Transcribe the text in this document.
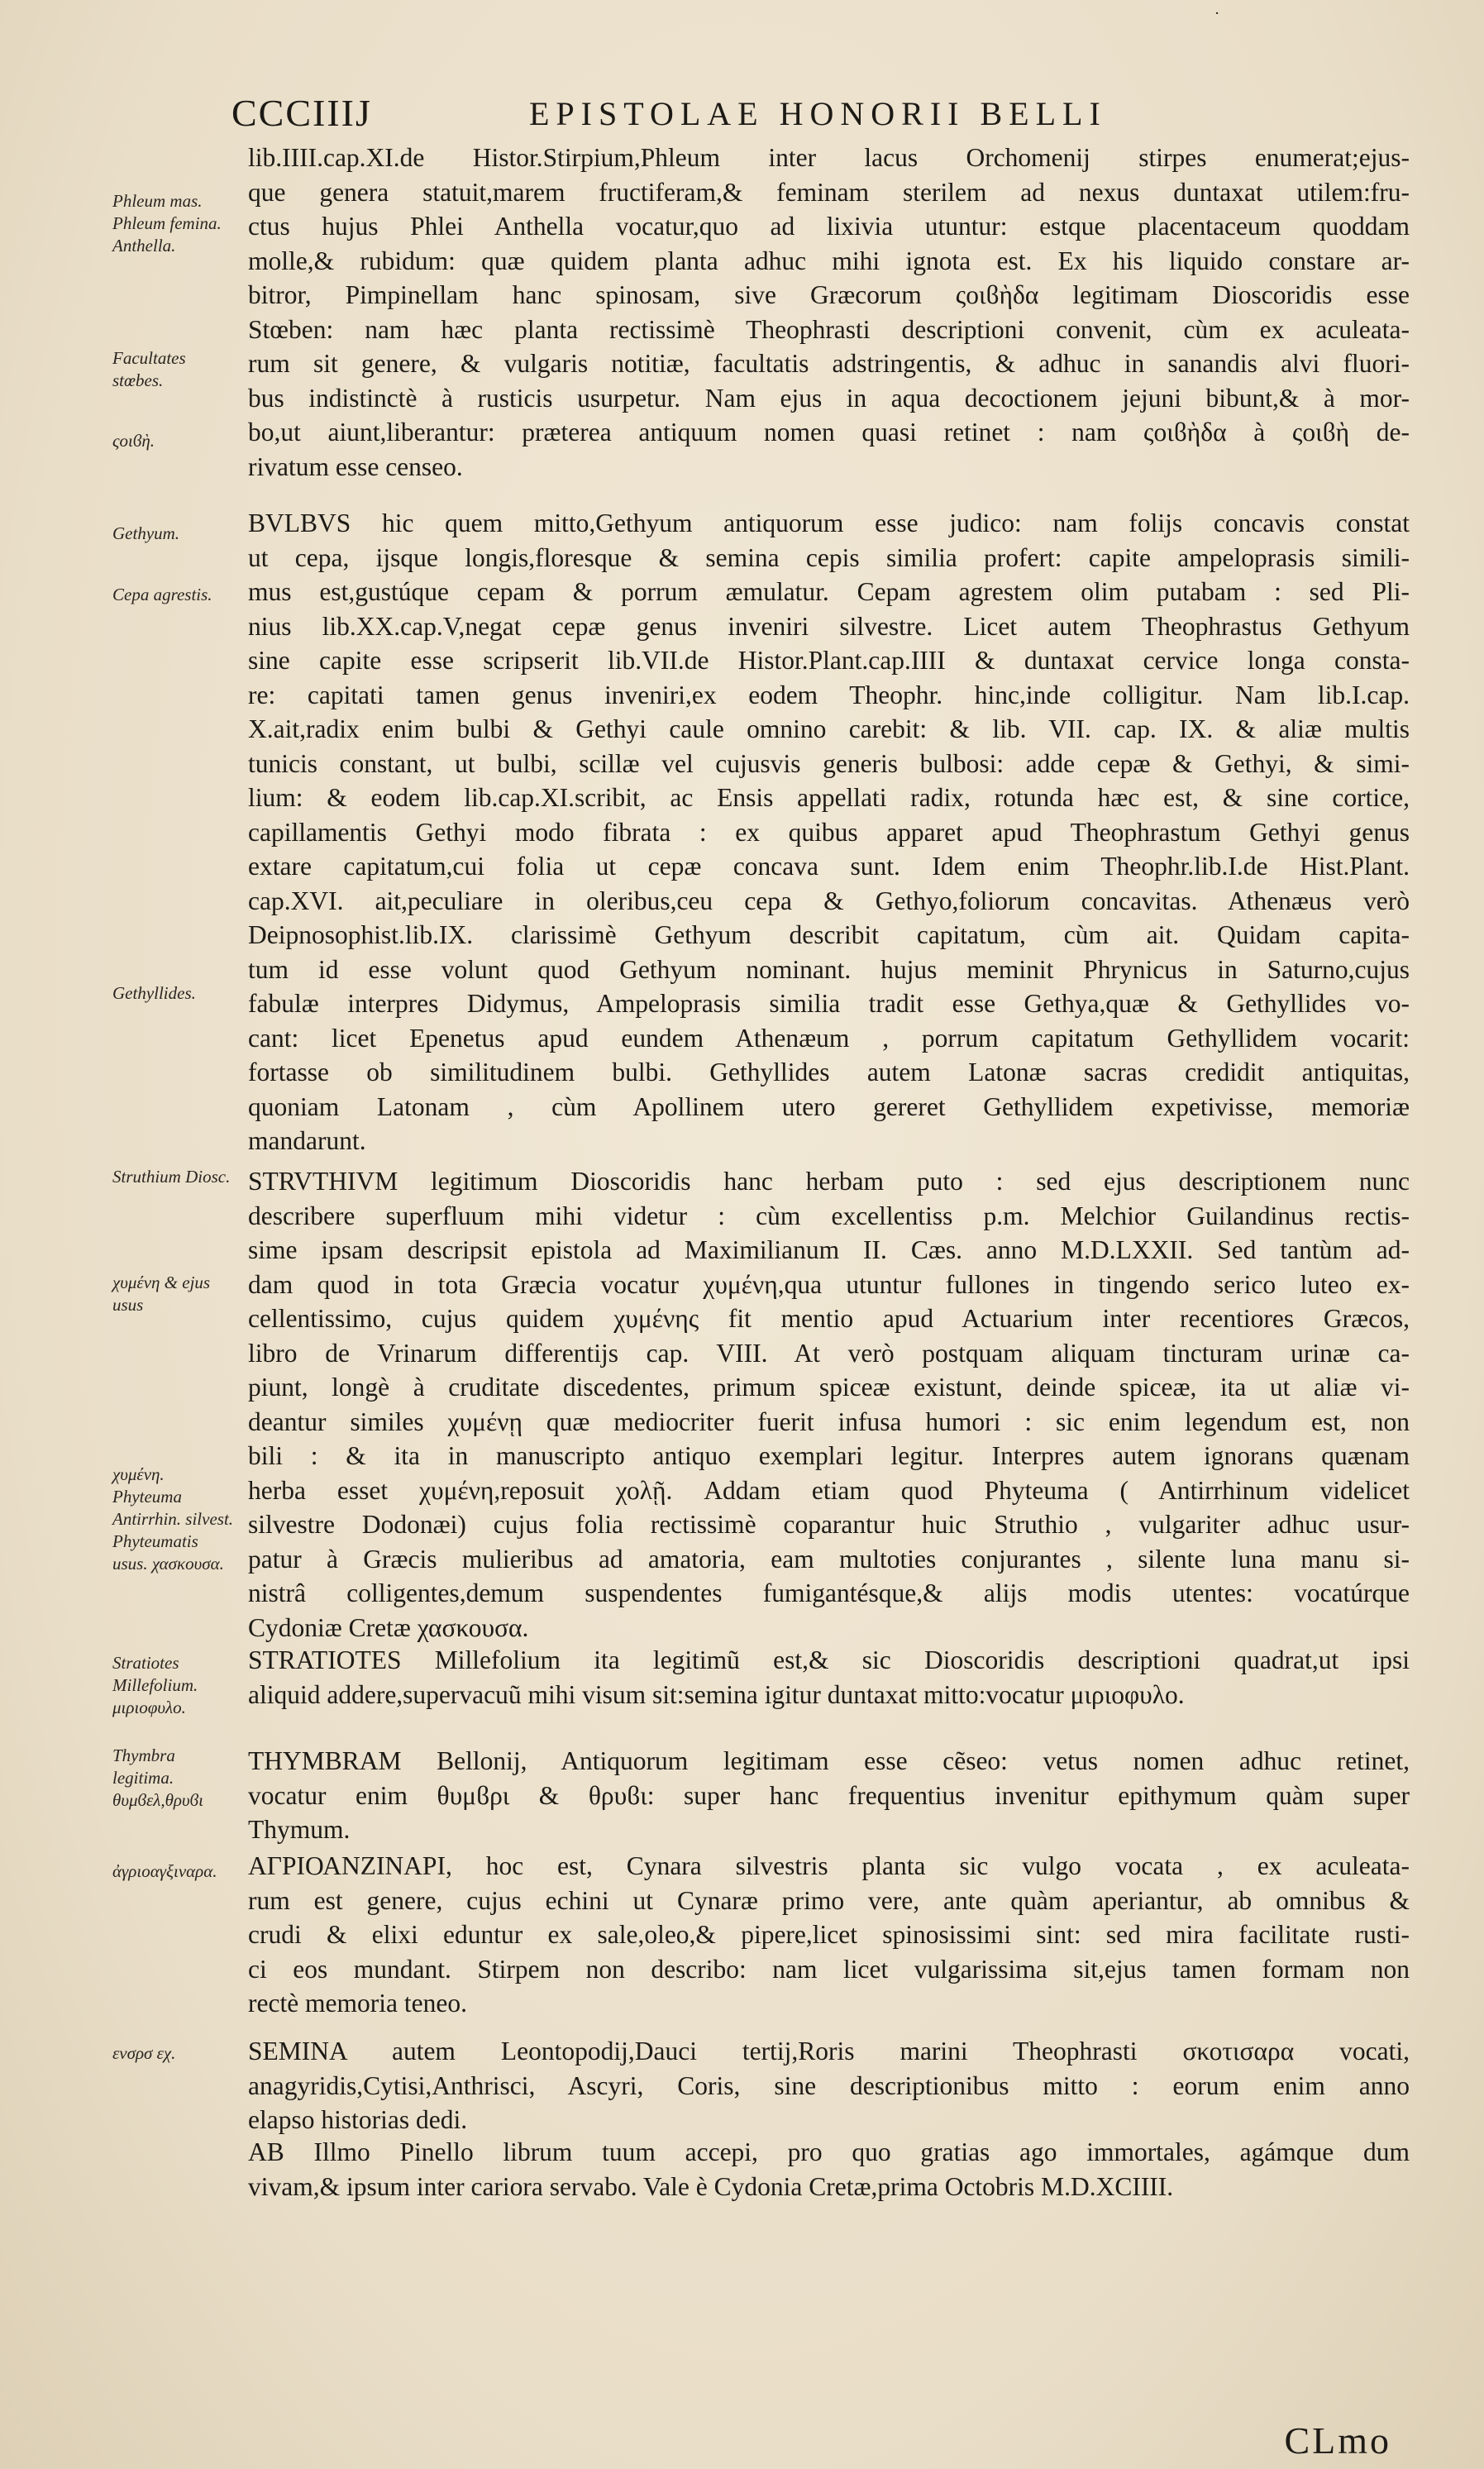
·
CCCIIIJ	EPISTOLAE HONORII BELLI
Phleum mas. Phleum femina. Anthella.
Facultates stœbes.
ςοιϐὴ.
Gethyum.
Cepa agrestis.
Gethyllides.
Struthium Diosc.
χυμένη & ejus usus
χυμένη. Phyteuma Antirrhin. silvest. Phyteumatis usus. χασκουσα.
Stratiotes Millefolium. μιριοφυλο.
Thymbra legitima. θυμϐελ,θρυϐι
ἀγριοαγξιναρα.
ενσρσ εχ.
lib.IIII.cap.XI.de Histor.Stirpium,Phleum inter lacus Orchomenij stirpes enumerat;ejus-
que genera statuit,marem fructiferam,& feminam sterilem ad nexus duntaxat utilem:fru-
ctus hujus Phlei Anthella vocatur,quo ad lixivia utuntur: estque placentaceum quoddam
molle,& rubidum: quæ quidem planta adhuc mihi ignota est. Ex his liquido constare ar-
bitror, Pimpinellam hanc spinosam, sive Græcorum ςοιϐὴδα legitimam Dioscoridis esse
Stœben: nam hæc planta rectissimè Theophrasti descriptioni convenit, cùm ex aculeata-
rum sit genere, & vulgaris notitiæ, facultatis adstringentis, & adhuc in sanandis alvi fluori-
bus indistinctè à rusticis usurpetur. Nam ejus in aqua decoctionem jejuni bibunt,& à mor-
bo,ut aiunt,liberantur: præterea antiquum nomen quasi retinet : nam ςοιϐὴδα à ςοιϐὴ de-
rivatum esse censeo.
BVLBVS hic quem mitto,Gethyum antiquorum esse judico: nam folijs concavis constat
ut cepa, ijsque longis,floresque & semina cepis similia profert: capite ampeloprasis simili-
mus est,gustúque cepam & porrum æmulatur. Cepam agrestem olim putabam : sed Pli-
nius lib.XX.cap.V,negat cepæ genus inveniri silvestre. Licet autem Theophrastus Gethyum
sine capite esse scripserit lib.VII.de Histor.Plant.cap.IIII & duntaxat cervice longa consta-
re: capitati tamen genus inveniri,ex eodem Theophr. hinc,inde colligitur. Nam lib.I.cap.
X.ait,radix enim bulbi & Gethyi caule omnino carebit: & lib. VII. cap. IX. & aliæ multis
tunicis constant, ut bulbi, scillæ vel cujusvis generis bulbosi: adde cepæ & Gethyi, & simi-
lium: & eodem lib.cap.XI.scribit, ac Ensis appellati radix, rotunda hæc est, & sine cortice,
capillamentis Gethyi modo fibrata : ex quibus apparet apud Theophrastum Gethyi genus
extare capitatum,cui folia ut cepæ concava sunt. Idem enim Theophr.lib.I.de Hist.Plant.
cap.XVI. ait,peculiare in oleribus,ceu cepa & Gethyo,foliorum concavitas. Athenæus verò
Deipnosophist.lib.IX. clarissimè Gethyum describit capitatum, cùm ait. Quidam capita-
tum id esse volunt quod Gethyum nominant. hujus meminit Phrynicus in Saturno,cujus
fabulæ interpres Didymus, Ampeloprasis similia tradit esse Gethya,quæ & Gethyllides vo-
cant: licet Epenetus apud eundem Athenæum , porrum capitatum Gethyllidem vocarit:
fortasse ob similitudinem bulbi. Gethyllides autem Latonæ sacras credidit antiquitas,
quoniam Latonam , cùm Apollinem utero gereret Gethyllidem expetivisse, memoriæ
mandarunt.
STRVTHIVM legitimum Dioscoridis hanc herbam puto : sed ejus descriptionem nunc
describere superfluum mihi videtur : cùm excellentiss p.m. Melchior Guilandinus rectis-
sime ipsam descripsit epistola ad Maximilianum II. Cæs. anno M.D.LXXII. Sed tantùm ad-
dam quod in tota Græcia vocatur χυμένη,qua utuntur fullones in tingendo serico luteo ex-
cellentissimo, cujus quidem χυμένης fit mentio apud Actuarium inter recentiores Græcos,
libro de Vrinarum differentijs cap. VIII. At verò postquam aliquam tincturam urinæ ca-
piunt, longè à cruditate discedentes, primum spiceæ existunt, deinde spiceæ, ita ut aliæ vi-
deantur similes χυμένῃ quæ mediocriter fuerit infusa humori : sic enim legendum est, non
bili : & ita in manuscripto antiquo exemplari legitur. Interpres autem ignorans quænam
herba esset χυμένη,reposuit χολῇ. Addam etiam quod Phyteuma ( Antirrhinum videlicet
silvestre Dodonæi) cujus folia rectissimè coparantur huic Struthio , vulgariter adhuc usur-
patur à Græcis mulieribus ad amatoria, eam multoties conjurantes , silente luna manu si-
nistrâ colligentes,demum suspendentes fumigantésque,& alijs modis utentes: vocatúrque
Cydoniæ Cretæ χασκουσα.
STRATIOTES Millefolium ita legitimũ est,& sic Dioscoridis descriptioni quadrat,ut ipsi
aliquid addere,supervacuũ mihi visum sit:semina igitur duntaxat mitto:vocatur μιριοφυλο.
THYMBRAM Bellonij, Antiquorum legitimam esse cẽseo: vetus nomen adhuc retinet,
vocatur enim θυμϐρι & θρυϐι: super hanc frequentius invenitur epithymum quàm super
Thymum.
ΑΓΡΙΟΑΝΖΙΝΑΡΙ, hoc est, Cynara silvestris planta sic vulgo vocata , ex aculeata-
rum est genere, cujus echini ut Cynaræ primo vere, ante quàm aperiantur, ab omnibus &
crudi & elixi eduntur ex sale,oleo,& pipere,licet spinosissimi sint: sed mira facilitate rusti-
ci eos mundant. Stirpem non describo: nam licet vulgarissima sit,ejus tamen formam non
rectè memoria teneo.
SEMINA autem Leontopodij,Dauci tertij,Roris marini Theophrasti σκοτισαρα vocati,
anagyridis,Cytisi,Anthrisci, Ascyri, Coris, sine descriptionibus mitto : eorum enim anno
elapso historias dedi.
AB Illmo Pinello librum tuum accepi, pro quo gratias ago immortales, agámque dum
vivam,& ipsum inter cariora servabo. Vale è Cydonia Cretæ,prima Octobris M.D.XCIIII.
CLmo
